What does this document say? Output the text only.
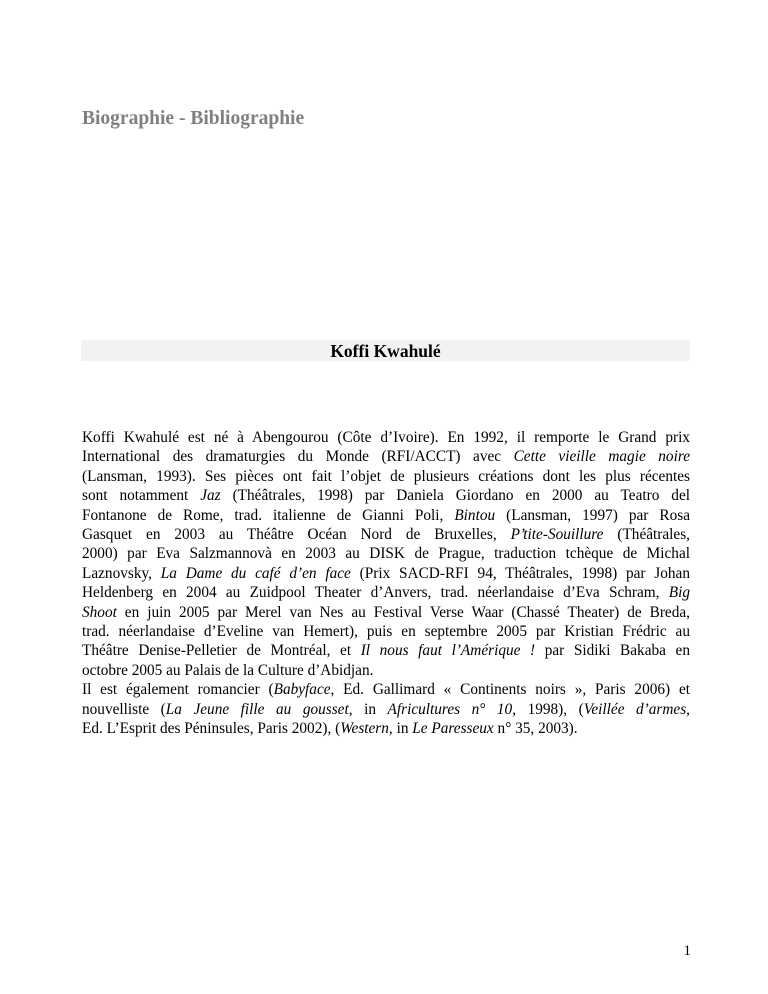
Biographie - Bibliographie
Koffi Kwahulé

Koffi Kwahulé est né à Abengourou (Côte d’Ivoire). En 1992, il remporte le Grand prix

International des dramaturgies du Monde (RFI/ACCT) avec Cette vieille magie noire

(Lansman, 1993). Ses pièces ont fait l’objet de plusieurs créations dont les plus récentes

sont notamment Jaz (Théâtrales, 1998) par Daniela Giordano en 2000 au Teatro del

Fontanone de Rome, trad. italienne de Gianni Poli, Bintou (Lansman, 1997) par Rosa

Gasquet en 2003 au Théâtre Océan Nord de Bruxelles, P’tite-Souillure (Théâtrales,

2000) par Eva Salzmannovà en 2003 au DISK de Prague, traduction tchèque de Michal

Laznovsky, La Dame du café d’en face (Prix SACD-RFI 94, Théâtrales, 1998) par Johan

Heldenberg en 2004 au Zuidpool Theater d’Anvers, trad. néerlandaise d’Eva Schram, Big

Shoot en juin 2005 par Merel van Nes au Festival Verse Waar (Chassé Theater) de Breda,

trad. néerlandaise d’Eveline van Hemert), puis en septembre 2005 par Kristian Frédric au

Théâtre Denise-Pelletier de Montréal, et Il nous faut l’Amérique ! par Sidiki Bakaba en

octobre 2005 au Palais de la Culture d’Abidjan.

Il est également romancier (Babyface, Ed. Gallimard « Continents noirs », Paris 2006) et

nouvelliste (La Jeune fille au gousset, in Africultures n° 10, 1998), (Veillée d’armes,

Ed. L’Esprit des Péninsules, Paris 2002), (Western, in Le Paresseux n° 35, 2003).

1
